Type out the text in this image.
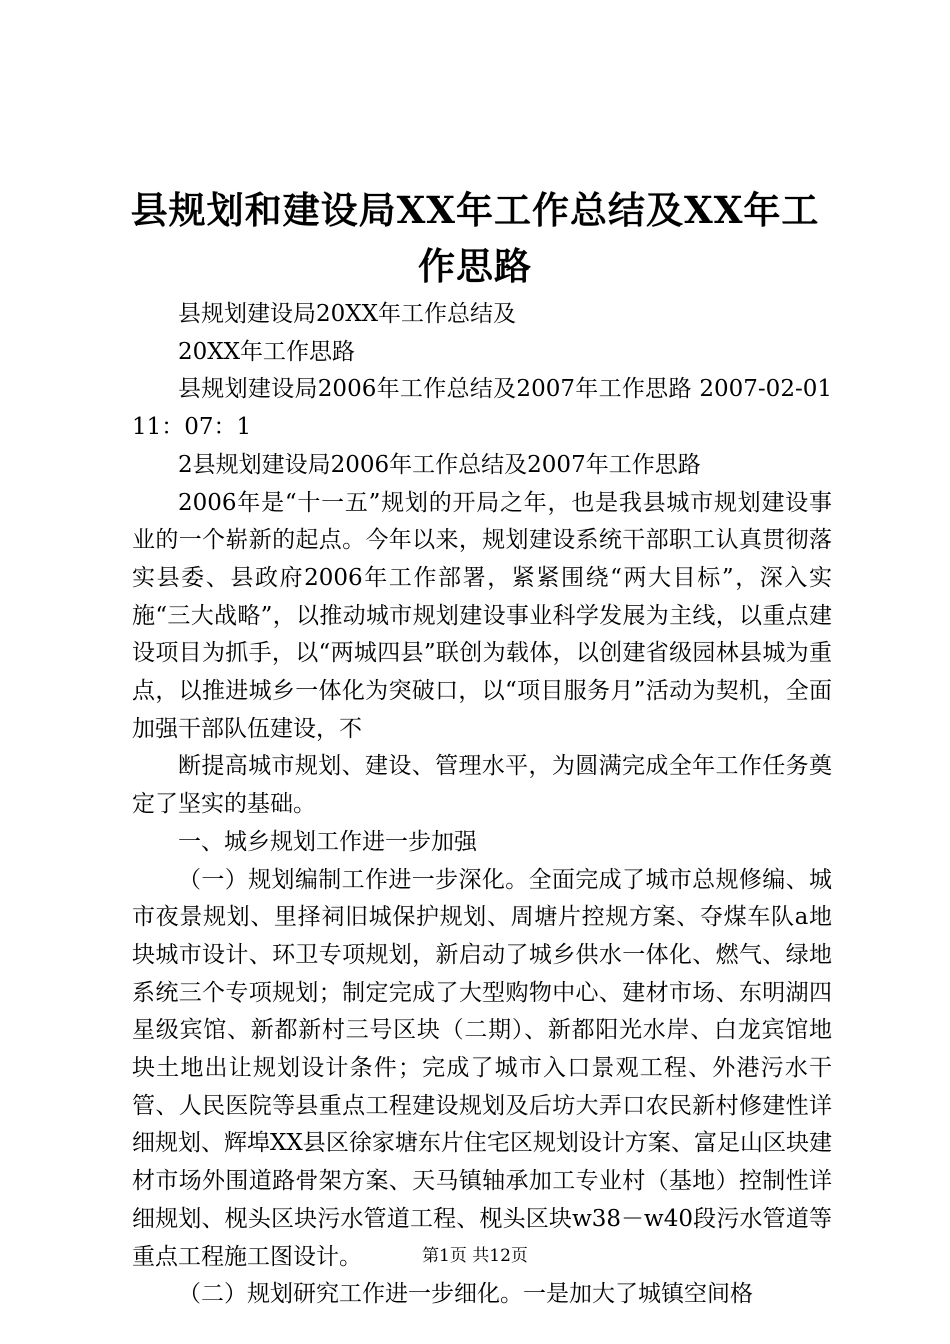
县规划和建设局XX年工作总结及XX年工作思路

县规划建设局20XX年工作总结及

20XX年工作思路

县规划建设局2006年工作总结及2007年工作思路 2007-02-0111：07：1

2县规划建设局2006年工作总结及2007年工作思路

2006年是“十一五”规划的开局之年，也是我县城市规划建设事业的一个崭新的起点。今年以来，规划建设系统干部职工认真贯彻落实县委、县政府2006年工作部署，紧紧围绕“两大目标”，深入实施“三大战略”，以推动城市规划建设事业科学发展为主线，以重点建设项目为抓手，以“两城四县”联创为载体，以创建省级园林县城为重点，以推进城乡一体化为突破口，以“项目服务月”活动为契机，全面加强干部队伍建设，不

断提高城市规划、建设、管理水平，为圆满完成全年工作任务奠定了坚实的基础。

一、城乡规划工作进一步加强

（一）规划编制工作进一步深化。全面完成了城市总规修编、城市夜景规划、里择祠旧城保护规划、周塘片控规方案、夺煤车队a地块城市设计、环卫专项规划，新启动了城乡供水一体化、燃气、绿地系统三个专项规划；制定完成了大型购物中心、建材市场、东明湖四星级宾馆、新都新村三号区块（二期）、新都阳光水岸、白龙宾馆地块土地出让规划设计条件；完成了城市入口景观工程、外港污水干管、人民医院等县重点工程建设规划及后坊大弄口农民新村修建性详细规划、辉埠XX县区徐家塘东片住宅区规划设计方案、富足山区块建材市场外围道路骨架方案、天马镇轴承加工专业村（基地）控制性详细规划、枧头区块污水管道工程、枧头区块w38－w40段污水管道等重点工程施工图设计。

（二）规划研究工作进一步细化。一是加大了城镇空间格

第1页 共12页
